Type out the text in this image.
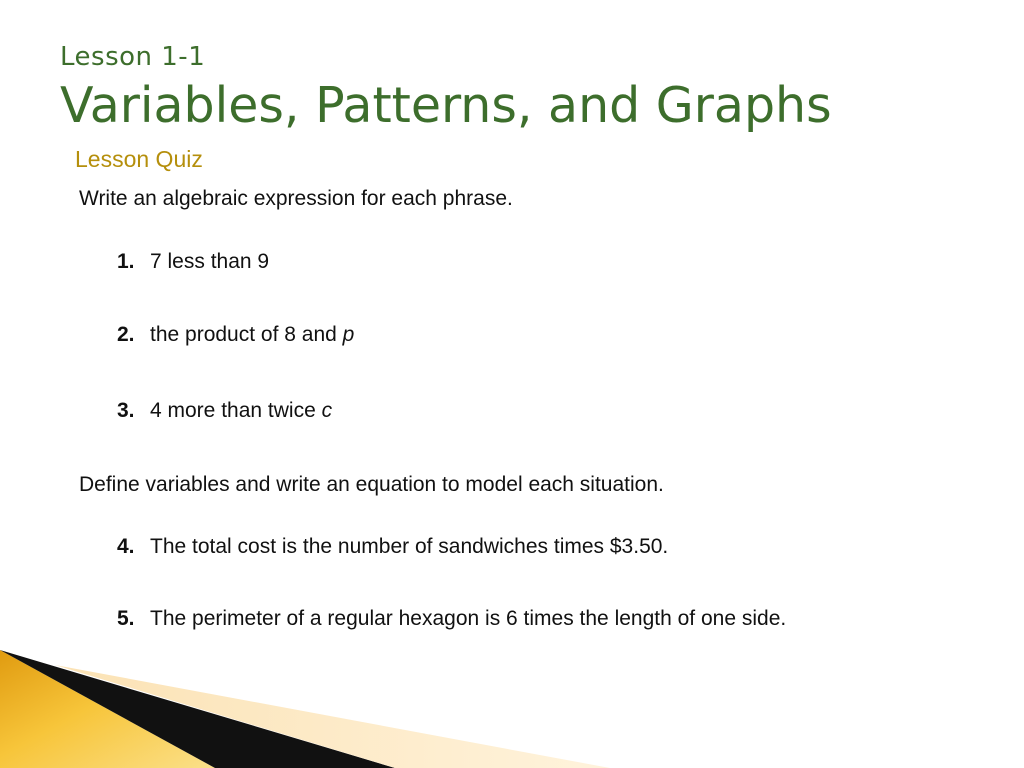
Lesson 1-1
Variables, Patterns, and Graphs
Lesson Quiz
Write an algebraic expression for each phrase.
1. 7 less than 9
2. the product of 8 and p
3. 4 more than twice c
Define variables and write an equation to model each situation.
4. The total cost is the number of sandwiches times $3.50.
5. The perimeter of a regular hexagon is 6 times the length of one side.
